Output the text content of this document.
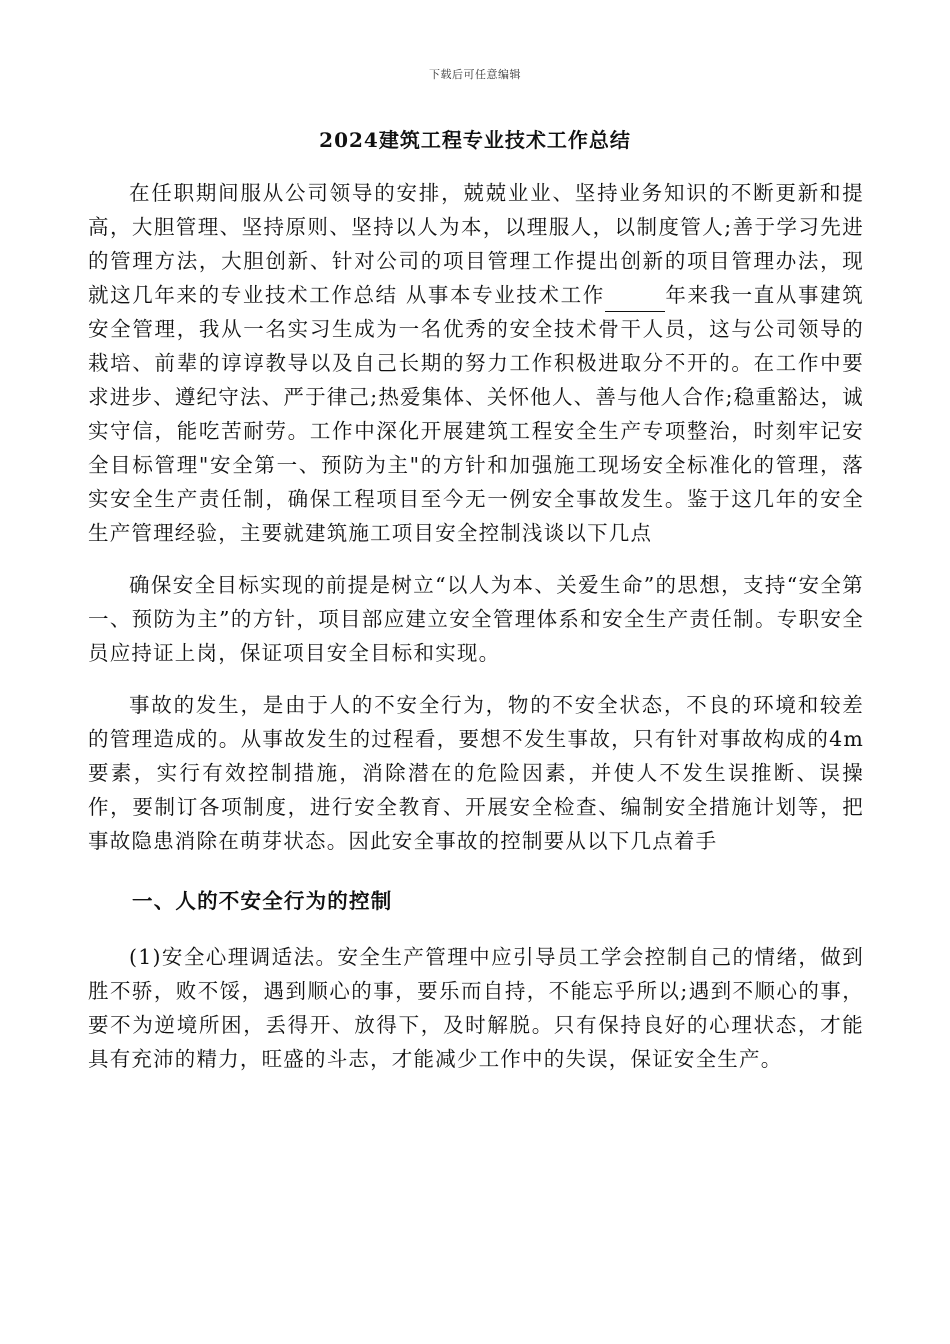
下载后可任意编辑
2024建筑工程专业技术工作总结

在任职期间服从公司领导的安排，兢兢业业、坚持业务知识的不断更新和提高，大胆管理、坚持原则、坚持以人为本，以理服人，以制度管人;善于学习先进的管理方法，大胆创新、针对公司的项目管理工作提出创新的项目管理办法，现就这几年来的专业技术工作总结 从事本专业技术工作	年来我一直从事建筑安全管理，我从一名实习生成为一名优秀的安全技术骨干人员，这与公司领导的栽培、前辈的谆谆教导以及自己长期的努力工作积极进取分不开的。在工作中要求进步、遵纪守法、严于律己;热爱集体、关怀他人、善与他人合作;稳重豁达，诚实守信，能吃苦耐劳。工作中深化开展建筑工程安全生产专项整治，时刻牢记安全目标管理"安全第一、预防为主"的方针和加强施工现场安全标准化的管理，落实安全生产责任制，确保工程项目至今无一例安全事故发生。鉴于这几年的安全生产管理经验，主要就建筑施工项目安全控制浅谈以下几点

确保安全目标实现的前提是树立“以人为本、关爱生命”的思想，支持“安全第一、预防为主”的方针，项目部应建立安全管理体系和安全生产责任制。专职安全员应持证上岗，保证项目安全目标和实现。

事故的发生，是由于人的不安全行为，物的不安全状态，不良的环境和较差的管理造成的。从事故发生的过程看，要想不发生事故，只有针对事故构成的4m要素，实行有效控制措施，消除潜在的危险因素，并使人不发生误推断、误操作，要制订各项制度，进行安全教育、开展安全检查、编制安全措施计划等，把事故隐患消除在萌芽状态。因此安全事故的控制要从以下几点着手

一、人的不安全行为的控制

(1)安全心理调适法。安全生产管理中应引导员工学会控制自己的情绪，做到胜不骄，败不馁，遇到顺心的事，要乐而自持，不能忘乎所以;遇到不顺心的事，要不为逆境所困，丢得开、放得下，及时解脱。只有保持良好的心理状态，才能具有充沛的精力，旺盛的斗志，才能减少工作中的失误，保证安全生产。
